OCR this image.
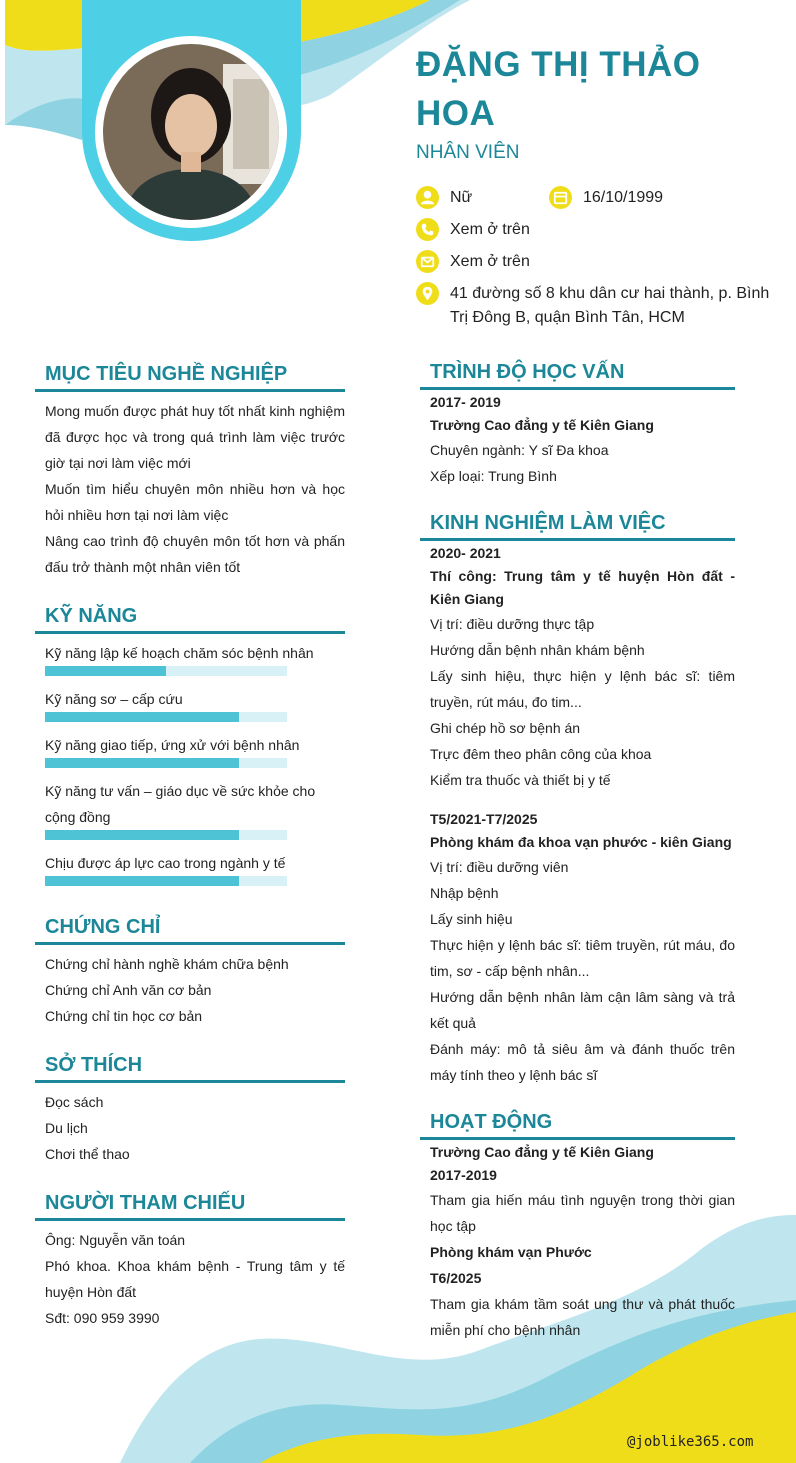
ĐẶNG THỊ THẢO HOA
NHÂN VIÊN
Nữ	16/10/1999
Xem ở trên
Xem ở trên
41 đường số 8 khu dân cư hai thành, p. Bình Trị Đông B, quận Bình Tân, HCM
MỤC TIÊU NGHỀ NGHIỆP
Mong muốn được phát huy tốt nhất kinh nghiệm đã được học và trong quá trình làm việc trước giờ tại nơi làm việc mới
Muốn tìm hiểu chuyên môn nhiều hơn và học hỏi nhiều hơn tại nơi làm việc
Nâng cao trình độ chuyên môn tốt hơn và phấn đấu trở thành một nhân viên tốt
KỸ NĂNG
Kỹ năng lập kế hoạch chăm sóc bệnh nhân
Kỹ năng sơ – cấp cứu
Kỹ năng giao tiếp, ứng xử với bệnh nhân
Kỹ năng tư vấn – giáo dục về sức khỏe cho cộng đồng
Chịu được áp lực cao trong ngành y tế
CHỨNG CHỈ
Chứng chỉ hành nghề khám chữa bệnh
Chứng chỉ Anh văn cơ bản
Chứng chỉ tin học cơ bản
SỞ THÍCH
Đọc sách
Du lịch
Chơi thể thao
NGƯỜI THAM CHIẾU
Ông: Nguyễn văn toán
Phó khoa. Khoa khám bệnh - Trung tâm y tế huyện Hòn đất
Sđt: 090 959 3990
TRÌNH ĐỘ HỌC VẤN
2017- 2019
Trường Cao đẳng y tế Kiên Giang
Chuyên ngành: Y sĩ Đa khoa
Xếp loại: Trung Bình
KINH NGHIỆM LÀM VIỆC
2020- 2021
Thí công: Trung tâm y tế huyện Hòn đất - Kiên Giang
Vị trí: điều dưỡng thực tập
Hướng dẫn bệnh nhân khám bệnh
Lấy sinh hiệu, thực hiện y lệnh bác sĩ: tiêm truyền, rút máu, đo tim...
Ghi chép hồ sơ bệnh án
Trực đêm theo phân công của khoa
Kiểm tra thuốc và thiết bị y tế
T5/2021-T7/2025
Phòng khám đa khoa vạn phước - kiên Giang
Vị trí: điều dưỡng viên
Nhập bệnh
Lấy sinh hiệu
Thực hiện y lệnh bác sĩ: tiêm truyền, rút máu, đo tim, sơ - cấp bệnh nhân...
Hướng dẫn bệnh nhân làm cận lâm sàng và trả kết quả
Đánh máy: mô tả siêu âm và đánh thuốc trên máy tính theo y lệnh bác sĩ
HOẠT ĐỘNG
Trường Cao đẳng y tế Kiên Giang
2017-2019
Tham gia hiến máu tình nguyện trong thời gian học tập
Phòng khám vạn Phước
T6/2025
Tham gia khám tầm soát ung thư và phát thuốc miễn phí cho bệnh nhân
@joblike365.com
